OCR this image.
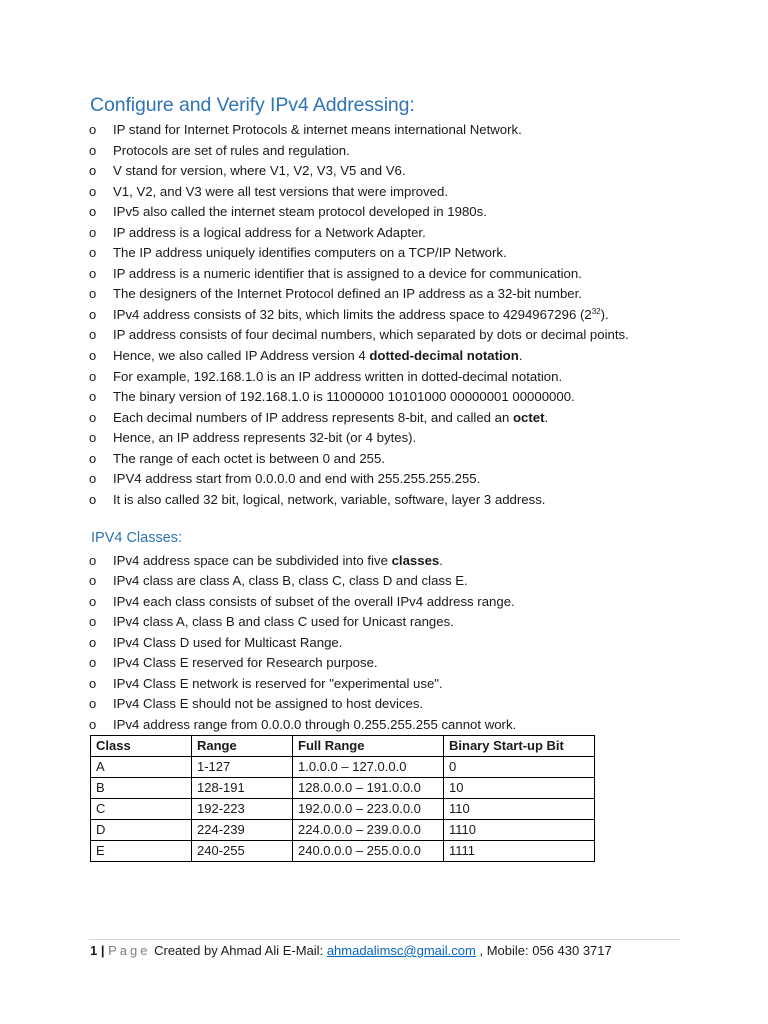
Configure and Verify IPv4 Addressing:
o	IP stand for Internet Protocols & internet means international Network.
o	Protocols are set of rules and regulation.
o	V stand for version, where V1, V2, V3, V5 and V6.
o	V1, V2, and V3 were all test versions that were improved.
o	IPv5 also called the internet steam protocol developed in 1980s.
o	IP address is a logical address for a Network Adapter.
o	The IP address uniquely identifies computers on a TCP/IP Network.
o	IP address is a numeric identifier that is assigned to a device for communication.
o	The designers of the Internet Protocol defined an IP address as a 32-bit number.
o	IPv4 address consists of 32 bits, which limits the address space to 4294967296 $(2^{32})$.
o	IP address consists of four decimal numbers, which separated by dots or decimal points.
o	Hence, we also called IP Address version 4 dotted-decimal notation.
o	For example, 192.168.1.0 is an IP address written in dotted-decimal notation.
o	The binary version of 192.168.1.0 is 11000000 10101000 00000001 00000000.
o	Each decimal numbers of IP address represents 8-bit, and called an octet.
o	Hence, an IP address represents 32-bit (or 4 bytes).
o	The range of each octet is between 0 and 255.
o	IPV4 address start from 0.0.0.0 and end with 255.255.255.255.
o	It is also called 32 bit, logical, network, variable, software, layer 3 address.
IPV4 Classes:
o	IPv4 address space can be subdivided into five classes.
o	IPv4 class are class A, class B, class C, class D and class E.
o	IPv4 each class consists of subset of the overall IPv4 address range.
o	IPv4 class A, class B and class C used for Unicast ranges.
o	IPv4 Class D used for Multicast Range.
o	IPv4 Class E reserved for Research purpose.
o	IPv4 Class E network is reserved for "experimental use".
o	IPv4 Class E should not be assigned to host devices.
o	IPv4 address range from 0.0.0.0 through 0.255.255.255 cannot work.
Class	Range	Full Range	Binary Start-up Bit
A	1-127	1.0.0.0 – 127.0.0.0	0
B	128-191	128.0.0.0 – 191.0.0.0	10
C	192-223	192.0.0.0 – 223.0.0.0	110
D	224-239	224.0.0.0 – 239.0.0.0	1110
E	240-255	240.0.0.0 – 255.0.0.0	1111
1 | Page Created by Ahmad Ali E-Mail: ahmadalimsc@gmail.com , Mobile: 056 430 3717
